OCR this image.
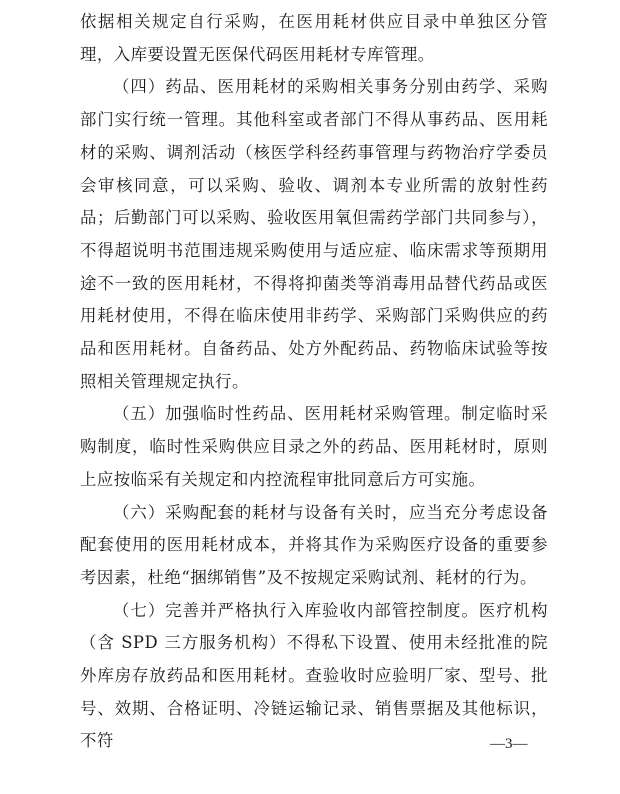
依据相关规定自行采购，在医用耗材供应目录中单独区分管理，入库要设置无医保代码医用耗材专库管理。

（四）药品、医用耗材的采购相关事务分别由药学、采购部门实行统一管理。其他科室或者部门不得从事药品、医用耗材的采购、调剂活动（核医学科经药事管理与药物治疗学委员会审核同意，可以采购、验收、调剂本专业所需的放射性药品；后勤部门可以采购、验收医用氧但需药学部门共同参与），不得超说明书范围违规采购使用与适应症、临床需求等预期用途不一致的医用耗材，不得将抑菌类等消毒用品替代药品或医用耗材使用，不得在临床使用非药学、采购部门采购供应的药品和医用耗材。自备药品、处方外配药品、药物临床试验等按照相关管理规定执行。

（五）加强临时性药品、医用耗材采购管理。制定临时采购制度，临时性采购供应目录之外的药品、医用耗材时，原则上应按临采有关规定和内控流程审批同意后方可实施。

（六）采购配套的耗材与设备有关时，应当充分考虑设备配套使用的医用耗材成本，并将其作为采购医疗设备的重要参考因素，杜绝“捆绑销售”及不按规定采购试剂、耗材的行为。

（七）完善并严格执行入库验收内部管控制度。医疗机构（含 SPD 三方服务机构）不得私下设置、使用未经批准的院外库房存放药品和医用耗材。查验收时应验明厂家、型号、批号、效期、合格证明、冷链运输记录、销售票据及其他标识，不符	—3—
